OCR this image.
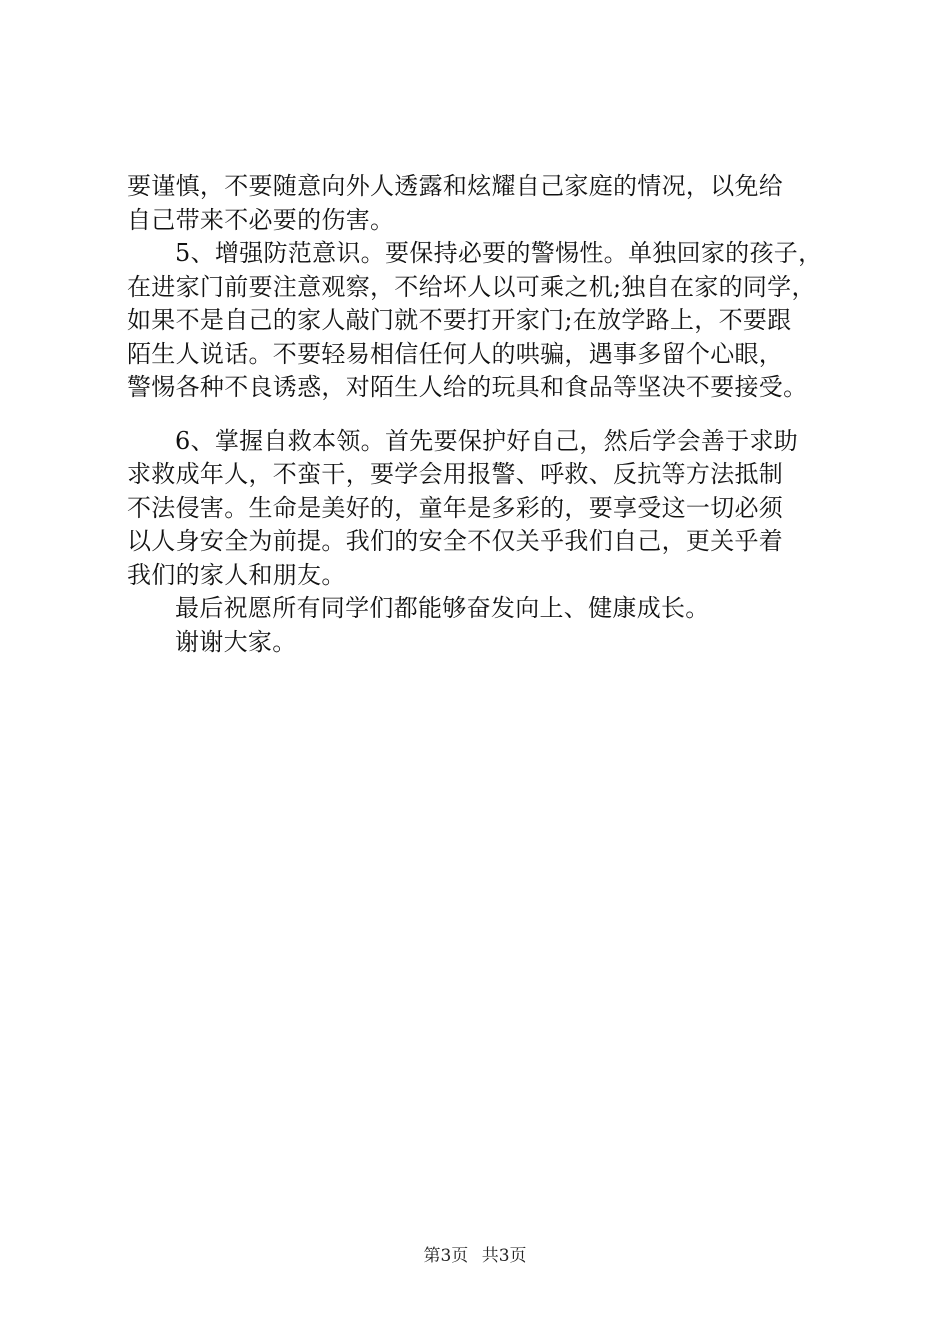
要谨慎，不要随意向外人透露和炫耀自己家庭的情况，以免给
自己带来不必要的伤害。
5、增强防范意识。要保持必要的警惕性。单独回家的孩子，
在进家门前要注意观察，不给坏人以可乘之机;独自在家的同学，
如果不是自己的家人敲门就不要打开家门;在放学路上，不要跟
陌生人说话。不要轻易相信任何人的哄骗，遇事多留个心眼，
警惕各种不良诱惑，对陌生人给的玩具和食品等坚决不要接受。
6、掌握自救本领。首先要保护好自己，然后学会善于求助
求救成年人，不蛮干，要学会用报警、呼救、反抗等方法抵制
不法侵害。生命是美好的，童年是多彩的，要享受这一切必须
以人身安全为前提。我们的安全不仅关乎我们自己，更关乎着
我们的家人和朋友。
最后祝愿所有同学们都能够奋发向上、健康成长。
谢谢大家。
第3页 共3页
